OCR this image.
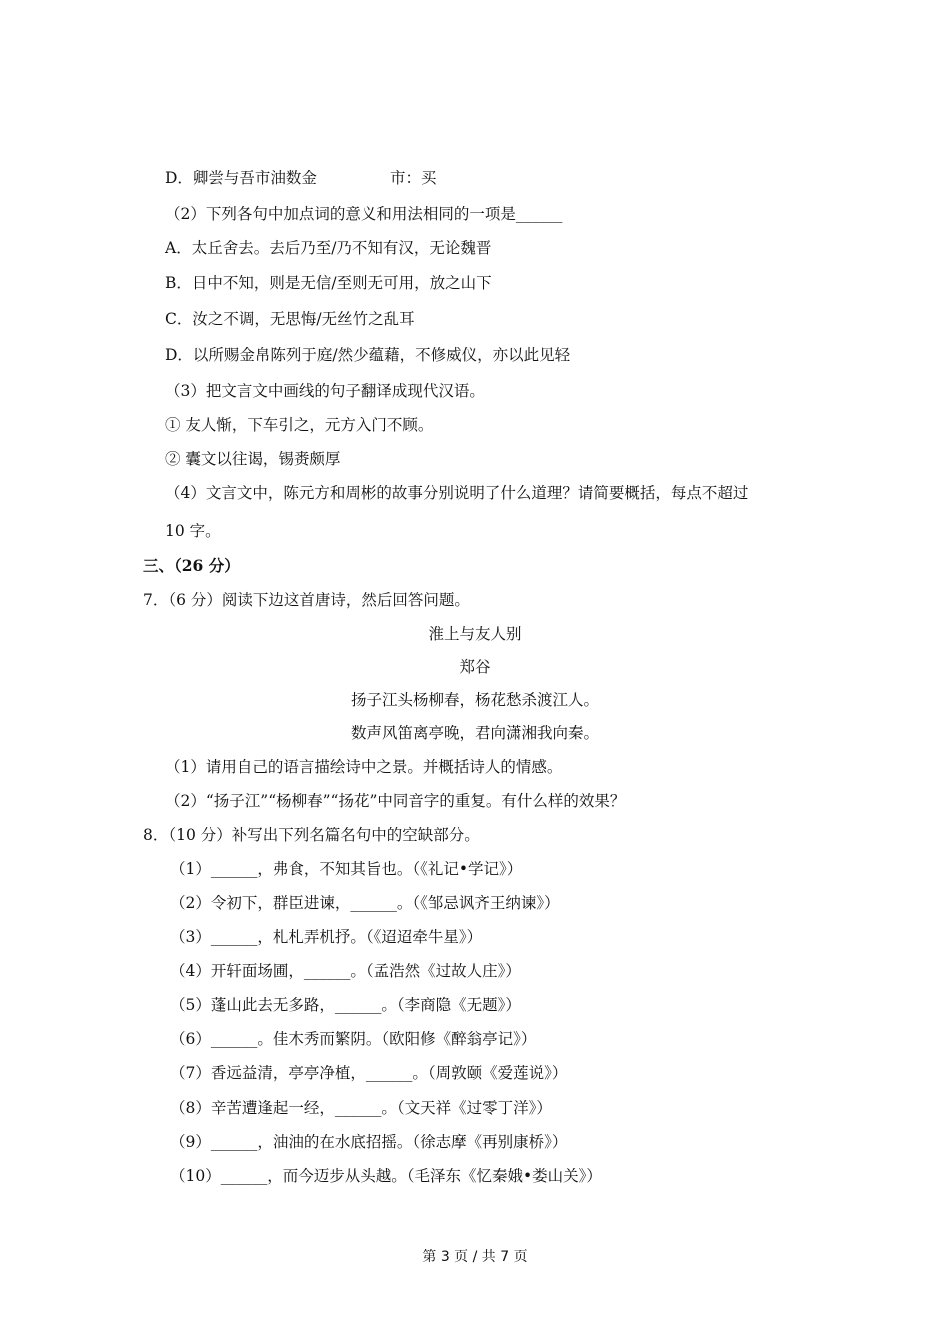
D．卿尝与吾市油数金	市：买
（2）下列各句中加点词的意义和用法相同的一项是______
A．太丘舍去。去后乃至/乃不知有汉，无论魏晋
B．日中不知，则是无信/至则无可用，放之山下
C．汝之不调，无思悔/无丝竹之乱耳
D．以所赐金帛陈列于庭/然少蕴藉，不修威仪，亦以此见轻
（3）把文言文中画线的句子翻译成现代汉语。
① 友人惭，下车引之，元方入门不顾。
② 囊文以往谒，锡赉颇厚
（4）文言文中，陈元方和周彬的故事分别说明了什么道理？请简要概括，每点不超过
10 字。
三、（26 分）
7．（6 分）阅读下边这首唐诗，然后回答问题。
淮上与友人别
郑谷
扬子江头杨柳春，杨花愁杀渡江人。
数声风笛离亭晚，君向潇湘我向秦。
（1）请用自己的语言描绘诗中之景。并概括诗人的情感。
（2）“扬子江”“杨柳春”“扬花”中同音字的重复。有什么样的效果？
8．（10 分）补写出下列名篇名句中的空缺部分。
（1）______，弗食，不知其旨也。（《礼记•学记》）
（2）令初下，群臣进谏，______。（《邹忌讽齐王纳谏》）
（3）______，札札弄机抒。（《迢迢牵牛星》）
（4）开轩面场圃，______。（孟浩然《过故人庄》）
（5）蓬山此去无多路，______。（李商隐《无题》）
（6）______。佳木秀而繁阴。（欧阳修《醉翁亭记》）
（7）香远益清，亭亭净植，______。（周敦颐《爱莲说》）
（8）辛苦遭逢起一经，______。（文天祥《过零丁洋》）
（9）______，油油的在水底招摇。（徐志摩《再别康桥》）
（10）______，而今迈步从头越。（毛泽东《忆秦娥•娄山关》）
第 3 页 / 共 7 页
